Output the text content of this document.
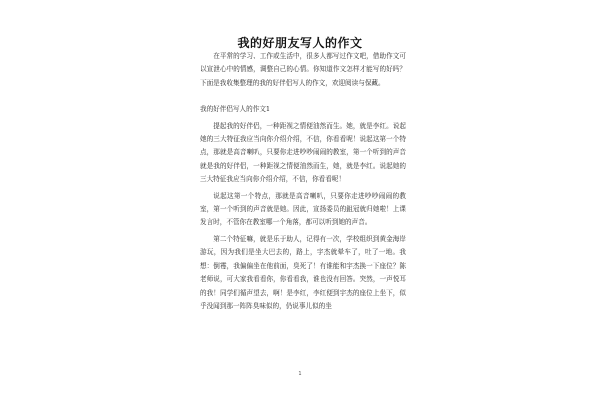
我的好朋友写人的作文

在平常的学习、工作或生活中，很多人都写过作文吧，借助作文可以宣泄心中的情感，调整自己的心情。你知道作文怎样才能写的好吗？下面是我收集整理的我的好伴侣写人的作文，欢迎阅读与保藏。

我的好伴侣写人的作文1

提起我的好伴侣，一种距视之情便油然而生。她，就是李红。说起她的三大特征我应当向你介绍介绍，不信，你看看呢！说起这第一个特点，那就是高音喇叭，只要你走进吵吵闹闹的教室，第一个听到的声音就是我的好伴侣，一种距视之情便油然而生，她，就是李红。说起她的三大特征我应当向你介绍介绍，不信，你看看呢！

说起这第一个特点，那就是高音喇叭，只要你走进吵吵闹闹的教室，第一个听到的声音就是她。因此，宣扬委员的鉏冠就归她啦！上课发言时，不管你在教室哪一个角落，都可以听到她的声音。

第二个特征嘛，就是乐于助人，记得有一次，学校组织到黄金海岸游玩，因为我们是坐大巴去的，路上，宇杰就晕车了，吐了一地。我想：倒霉，我偏偏坐在他前面，臭死了！有谁能和宇杰换一下座位？陈老师说，可大家我看看你，你看看我，谁也没有回答。突然，一声悦耳的我！同学们循声望去，啊！是李红，李红便到宇杰的座位上坐下，似乎没闻到那一阵阵臭味似的，仍说事儿似的坐

1
